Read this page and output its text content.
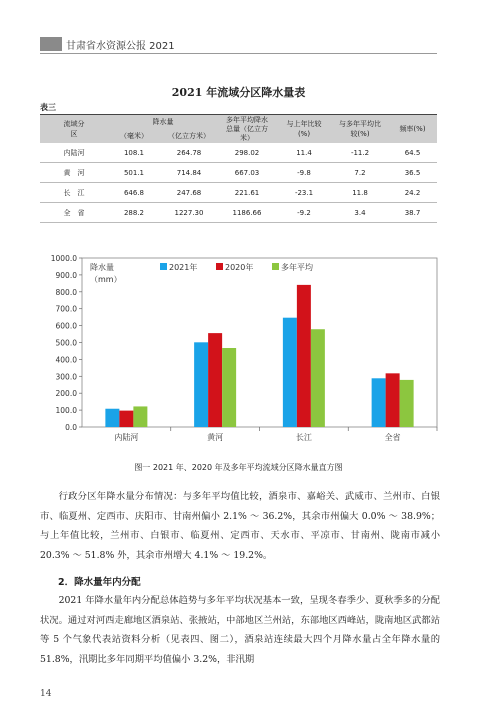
甘肃省水资源公报 2021
2021 年流域分区降水量表
表三
流域分区	降水量		多年平均降水总量（亿立方米）	与上年比较(%)	与多年平均比较(%)	频率(%)
	（毫米）	（亿立方米）				
内陆河	108.1	264.78	298.02	11.4	-11.2	64.5
黄　河	501.1	714.84	667.03	-9.8	7.2	36.5
长　江	646.8	247.68	221.61	-23.1	11.8	24.2
全　省	288.2	1227.30	1186.66	-9.2	3.4	38.7
0.0
100.0
200.0
300.0
400.0
500.0
600.0
700.0
800.0
900.0
1000.0
降水量
（mm）
2021年	2020年	多年平均
内陆河	黄河	长江	全省
图一 2021 年、2020 年及多年平均流域分区降水量直方图
行政分区年降水量分布情况：与多年平均值比较，酒泉市、嘉峪关、武威市、兰州市、白银市、临夏州、定西市、庆阳市、甘南州偏小 2.1% ～ 36.2%，其余市州偏大 0.0% ～ 38.9%；与上年值比较，兰州市、白银市、临夏州、定西市、天水市、平凉市、甘南州、陇南市减小 20.3% ～ 51.8% 外，其余市州增大 4.1% ～ 19.2%。
2．降水量年内分配
2021 年降水量年内分配总体趋势与多年平均状况基本一致，呈现冬春季少、夏秋季多的分配状况。通过对河西走廊地区酒泉站、张掖站，中部地区兰州站，东部地区西峰站，陇南地区武都站等 5 个气象代表站资料分析（见表四、图二），酒泉站连续最大四个月降水量占全年降水量的 51.8%，汛期比多年同期平均值偏小 3.2%，非汛期
14
